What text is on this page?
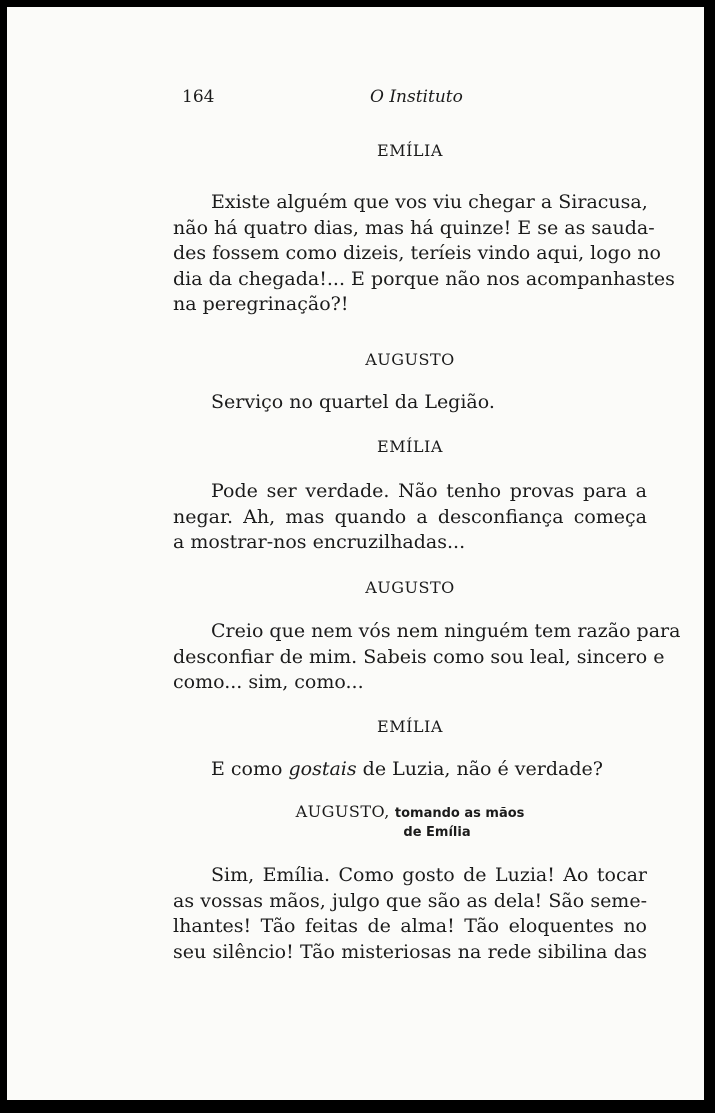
164	O Instituto
EMÍLIA

Existe alguém que vos viu chegar a Siracusa,
não há quatro dias, mas há quinze! E se as sauda-
des fossem como dizeis, teríeis vindo aqui, logo no
dia da chegada!... E porque não nos acompanhastes
na peregrinação?!

AUGUSTO

Serviço no quartel da Legião.

EMÍLIA

Pode ser verdade. Não tenho provas para a
negar. Ah, mas quando a desconfiança começa
a mostrar-nos encruzilhadas...

AUGUSTO

Creio que nem vós nem ninguém tem razão para
desconfiar de mim. Sabeis como sou leal, sincero e
como... sim, como...

EMÍLIA

E como gostais de Luzia, não é verdade?

AUGUSTO, tomando as mãos
de Emília

Sim, Emília. Como gosto de Luzia! Ao tocar
as vossas mãos, julgo que são as dela! São seme-
lhantes! Tão feitas de alma! Tão eloquentes no
seu silêncio! Tão misteriosas na rede sibilina das
